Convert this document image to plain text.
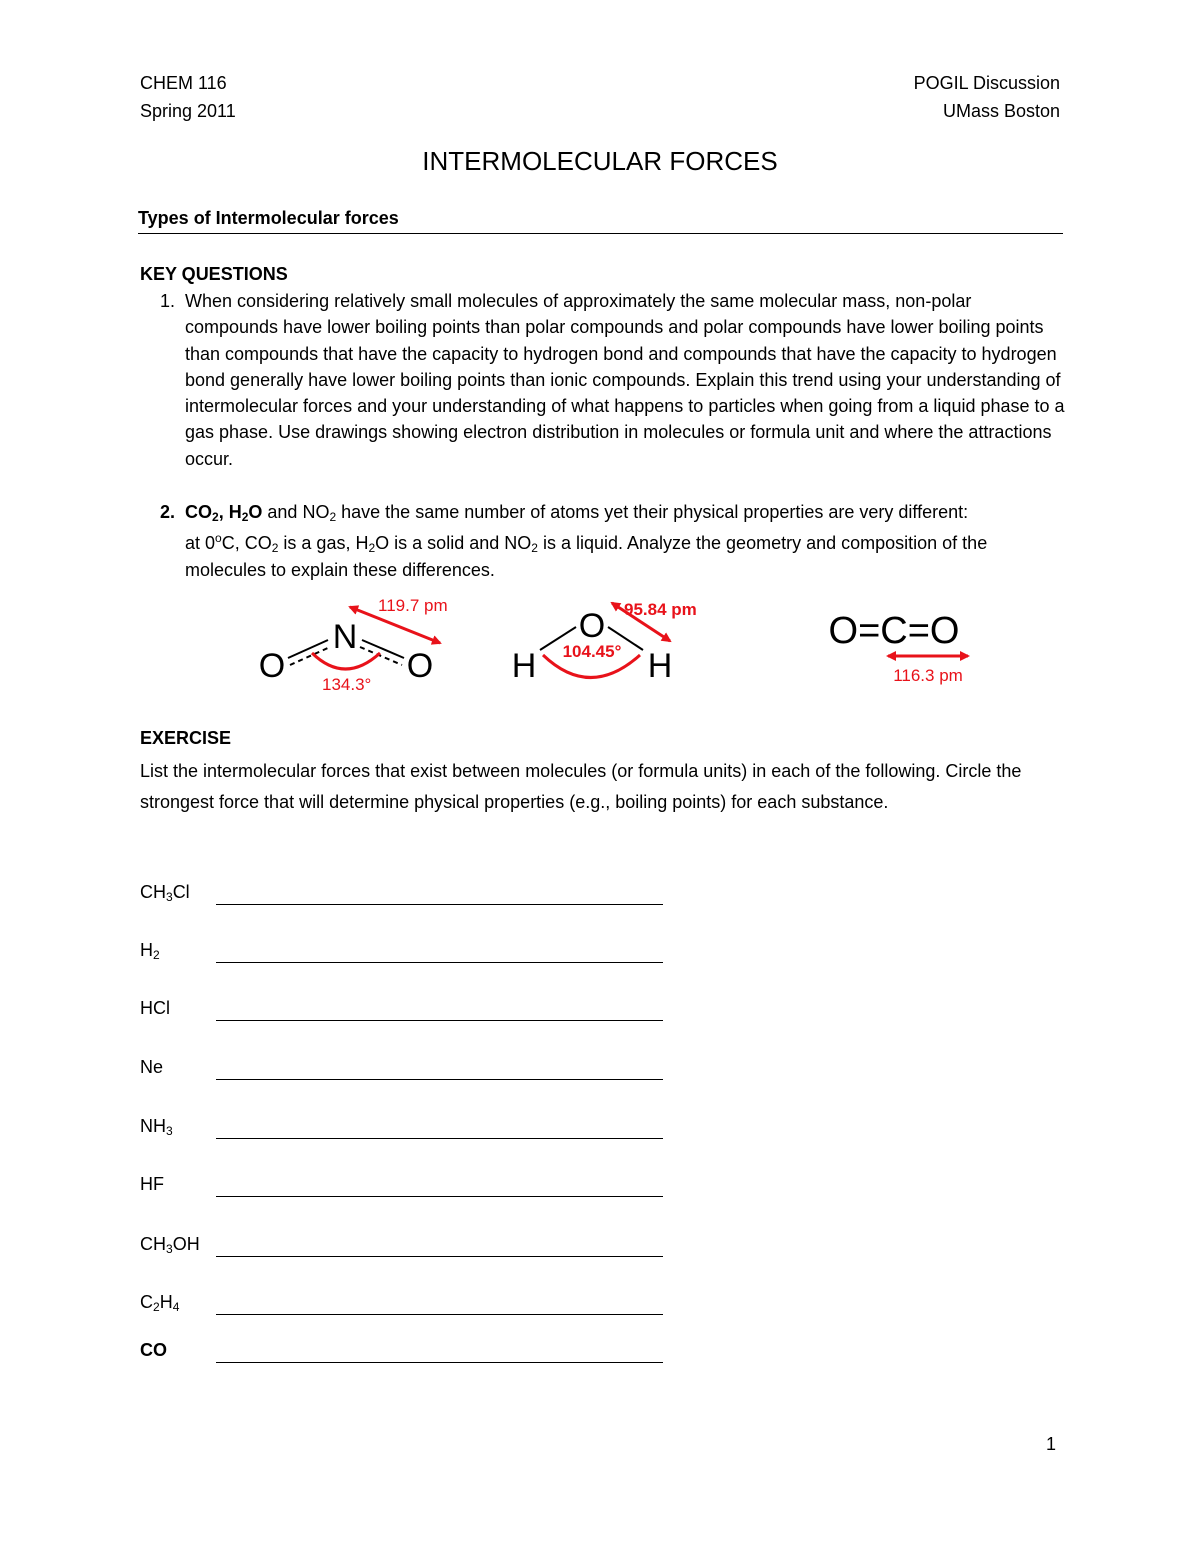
CHEM 116
Spring 2011
POGIL Discussion
UMass Boston
INTERMOLECULAR FORCES
Types of Intermolecular forces
KEY QUESTIONS
1. When considering relatively small molecules of approximately the same molecular mass, non-polar compounds have lower boiling points than polar compounds and polar compounds have lower boiling points than compounds that have the capacity to hydrogen bond and compounds that have the capacity to hydrogen bond generally have lower boiling points than ionic compounds. Explain this trend using your understanding of intermolecular forces and your understanding of what happens to particles when going from a liquid phase to a gas phase. Use drawings showing electron distribution in molecules or formula unit and where the attractions occur.
2. $CO_2$, $H_2O$ and $NO_2$ have the same number of atoms yet their physical properties are very different:
at 0$^o$C, $CO_2$ is a gas, $H_2O$ is a solid and $NO_2$ is a liquid. Analyze the geometry and composition of the
molecules to explain these differences.
N
O	O
119.7 pm
134.3°
O
H	H
95.84 pm
104.45°	O=C=O
116.3 pm
EXERCISE
List the intermolecular forces that exist between molecules (or formula units) in each of the following. Circle the strongest force that will determine physical properties (e.g., boiling points) for each substance.
$CH_3Cl$
$H_2$
HCl
Ne
$NH_3$
HF
$CH_3OH$
$C_2H_4$
CO
1
